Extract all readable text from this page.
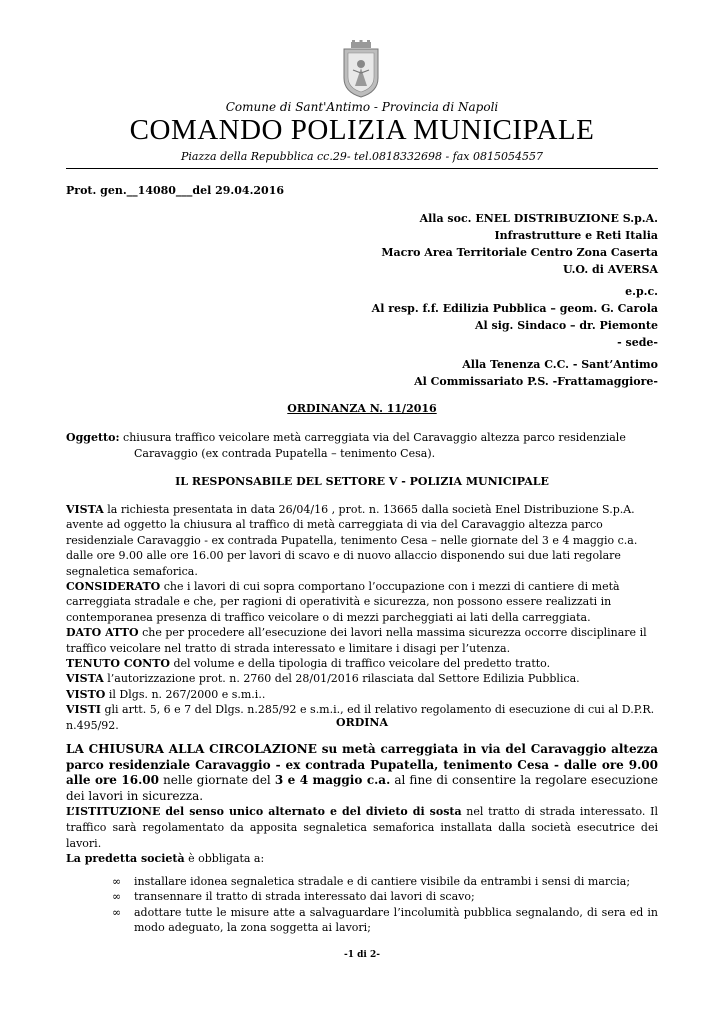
Comune di Sant'Antimo - Provincia di Napoli
COMANDO POLIZIA MUNICIPALE
Piazza della Repubblica cc.29- tel.0818332698 - fax 0815054557
Prot. gen.__14080___del 29.04.2016
Alla soc. ENEL DISTRIBUZIONE S.p.A.
Infrastrutture e Reti Italia
Macro Area Territoriale Centro Zona Caserta
U.O. di AVERSA
e.p.c.
Al resp. f.f. Edilizia Pubblica – geom. G. Carola
Al sig. Sindaco – dr. Piemonte
- sede-
Alla Tenenza C.C. - Sant’Antimo
Al Commissariato P.S. -Frattamaggiore-
ORDINANZA N. 11/2016
Oggetto: chiusura traffico veicolare metà carreggiata via del Caravaggio altezza parco residenziale
Caravaggio (ex contrada Pupatella – tenimento Cesa).
IL RESPONSABILE DEL SETTORE V - POLIZIA MUNICIPALE

VISTA la richiesta presentata in data 26/04/16 , prot. n. 13665 dalla società Enel Distribuzione S.p.A. avente ad oggetto la chiusura al traffico di metà carreggiata di via del Caravaggio altezza parco residenziale Caravaggio - ex contrada Pupatella, tenimento Cesa – nelle giornate del 3 e 4 maggio c.a. dalle ore 9.00 alle ore 16.00 per lavori di scavo e di nuovo allaccio disponendo sui due lati regolare segnaletica semaforica.

CONSIDERATO che i lavori di cui sopra comportano l’occupazione con i mezzi di cantiere di metà carreggiata stradale e che, per ragioni di operatività e sicurezza, non possono essere realizzati in contemporanea presenza di traffico veicolare o di mezzi parcheggiati ai lati della carreggiata.

DATO ATTO che per procedere all’esecuzione dei lavori nella massima sicurezza occorre disciplinare il traffico veicolare nel tratto di strada interessato e limitare i disagi per l’utenza.

TENUTO CONTO del volume e della tipologia di traffico veicolare del predetto tratto.

VISTA l’autorizzazione prot. n. 2760 del 28/01/2016 rilasciata dal Settore Edilizia Pubblica.

VISTO il Dlgs. n. 267/2000 e s.m.i..

VISTI gli artt. 5, 6 e 7 del Dlgs. n.285/92 e s.m.i., ed il relativo regolamento di esecuzione di cui al D.P.R. n.495/92.	ORDINA

LA CHIUSURA ALLA CIRCOLAZIONE su metà carreggiata in via del Caravaggio altezza parco residenziale Caravaggio - ex contrada Pupatella, tenimento Cesa - dalle ore 9.00 alle ore 16.00 nelle giornate del 3 e 4 maggio c.a. al fine di consentire la regolare esecuzione dei lavori in sicurezza.

L’ISTITUZIONE del senso unico alternato e del divieto di sosta nel tratto di strada interessato. Il traffico sarà regolamentato da apposita segnaletica semaforica installata dalla società esecutrice dei lavori.

La predetta società è obbligata a:

∞ installare idonea segnaletica stradale e di cantiere visibile da entrambi i sensi di marcia;
∞ transennare il tratto di strada interessato dai lavori di scavo;
∞ adottare tutte le misure atte a salvaguardare l’incolumità pubblica segnalando, di sera ed in modo adeguato, la zona soggetta ai lavori;
-1 di 2-
